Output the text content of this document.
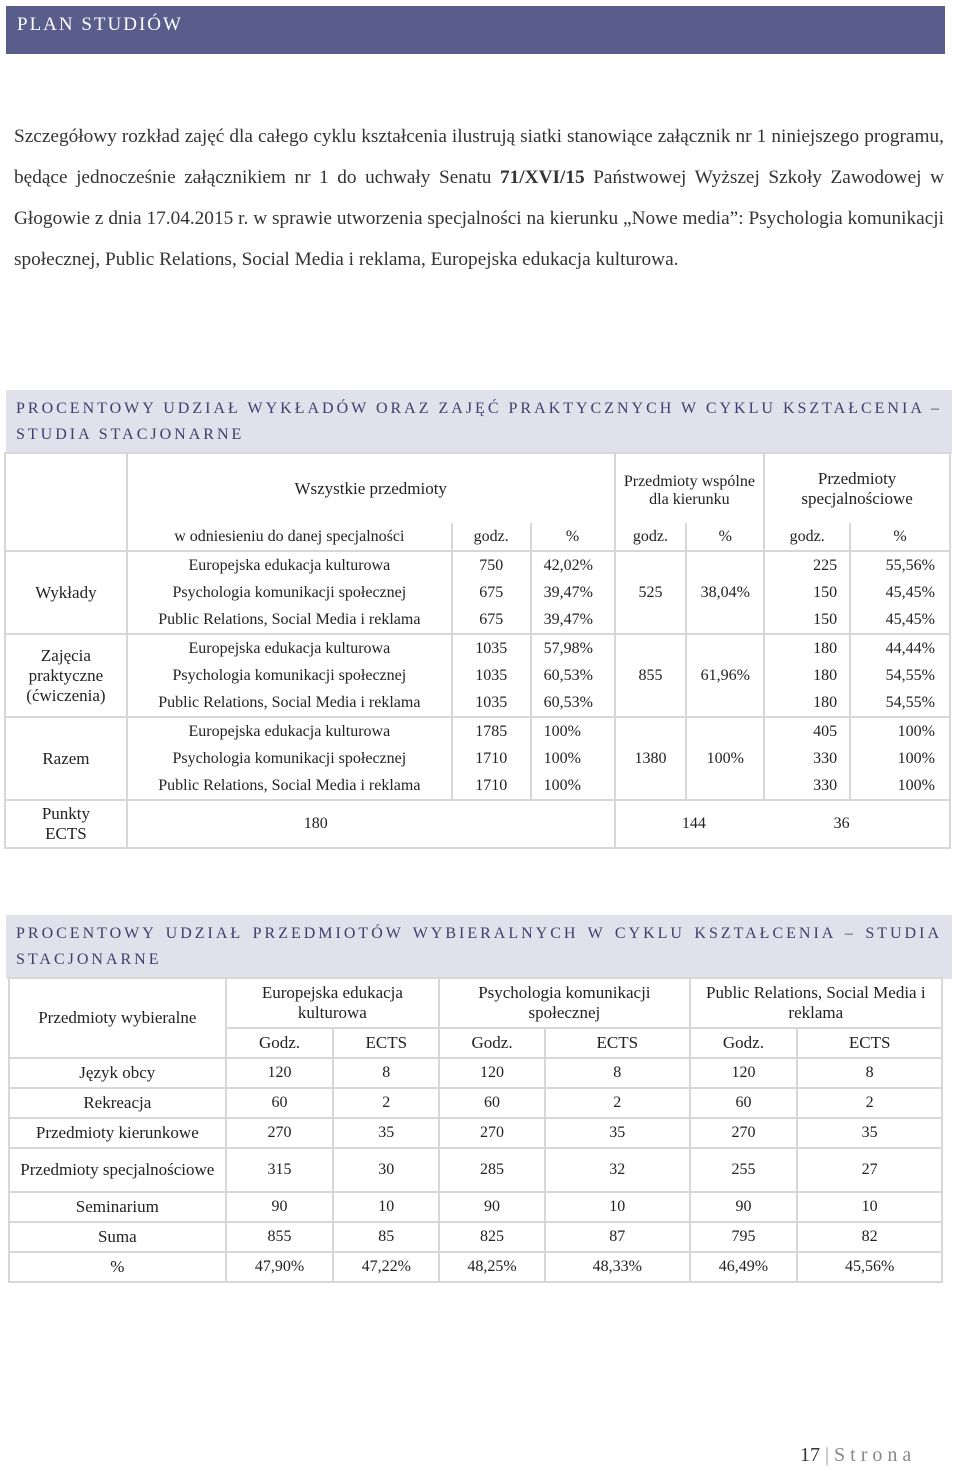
PLAN STUDIÓW
Szczegółowy rozkład zajęć dla całego cyklu kształcenia ilustrują siatki stanowiące załącznik nr 1 niniejszego programu, będące jednocześnie załącznikiem nr 1 do uchwały Senatu 71/XVI/15 Państwowej Wyższej Szkoły Zawodowej w Głogowie z dnia 17.04.2015 r. w sprawie utworzenia specjalności na kierunku „Nowe media”: Psychologia komunikacji społecznej, Public Relations, Social Media i reklama, Europejska edukacja kulturowa.
PROCENTOWY UDZIAŁ WYKŁADÓW ORAZ ZAJĘĆ PRAKTYCZNYCH W CYKLU KSZTAŁCENIA – STUDIA STACJONARNE
	Wszystkie przedmioty			Przedmioty wspólne dla kierunku		Przedmioty specjalnościowe	
	w odniesieniu do danej specjalności	godz.	%	godz.	%	godz.	%
Wykłady	Europejska edukacja kulturowa	750	42,02%	525	38,04%	225	55,56%
	Psychologia komunikacji społecznej	675	39,47%			150	45,45%
	Public Relations, Social Media i reklama	675	39,47%			150	45,45%
Zajęcia praktyczne (ćwiczenia)	Europejska edukacja kulturowa	1035	57,98%	855	61,96%	180	44,44%
	Psychologia komunikacji społecznej	1035	60,53%			180	54,55%
	Public Relations, Social Media i reklama	1035	60,53%			180	54,55%
Razem	Europejska edukacja kulturowa	1785	100%	1380	100%	405	100%
	Psychologia komunikacji społecznej	1710	100%			330	100%
	Public Relations, Social Media i reklama	1710	100%			330	100%
Punkty ECTS	180			144		36	
PROCENTOWY UDZIAŁ PRZEDMIOTÓW WYBIERALNYCH W CYKLU KSZTAŁCENIA – STUDIA STACJONARNE
Przedmioty wybieralne	Europejska edukacja kulturowa		Psychologia komunikacji społecznej		Public Relations, Social Media i reklama	
	Godz.	ECTS	Godz.	ECTS	Godz.	ECTS
Język obcy	120	8	120	8	120	8
Rekreacja	60	2	60	2	60	2
Przedmioty kierunkowe	270	35	270	35	270	35
Przedmioty specjalnościowe	315	30	285	32	255	27
Seminarium	90	10	90	10	90	10
Suma	855	85	825	87	795	82
%	47,90%	47,22%	48,25%	48,33%	46,49%	45,56%
17 | Strona
